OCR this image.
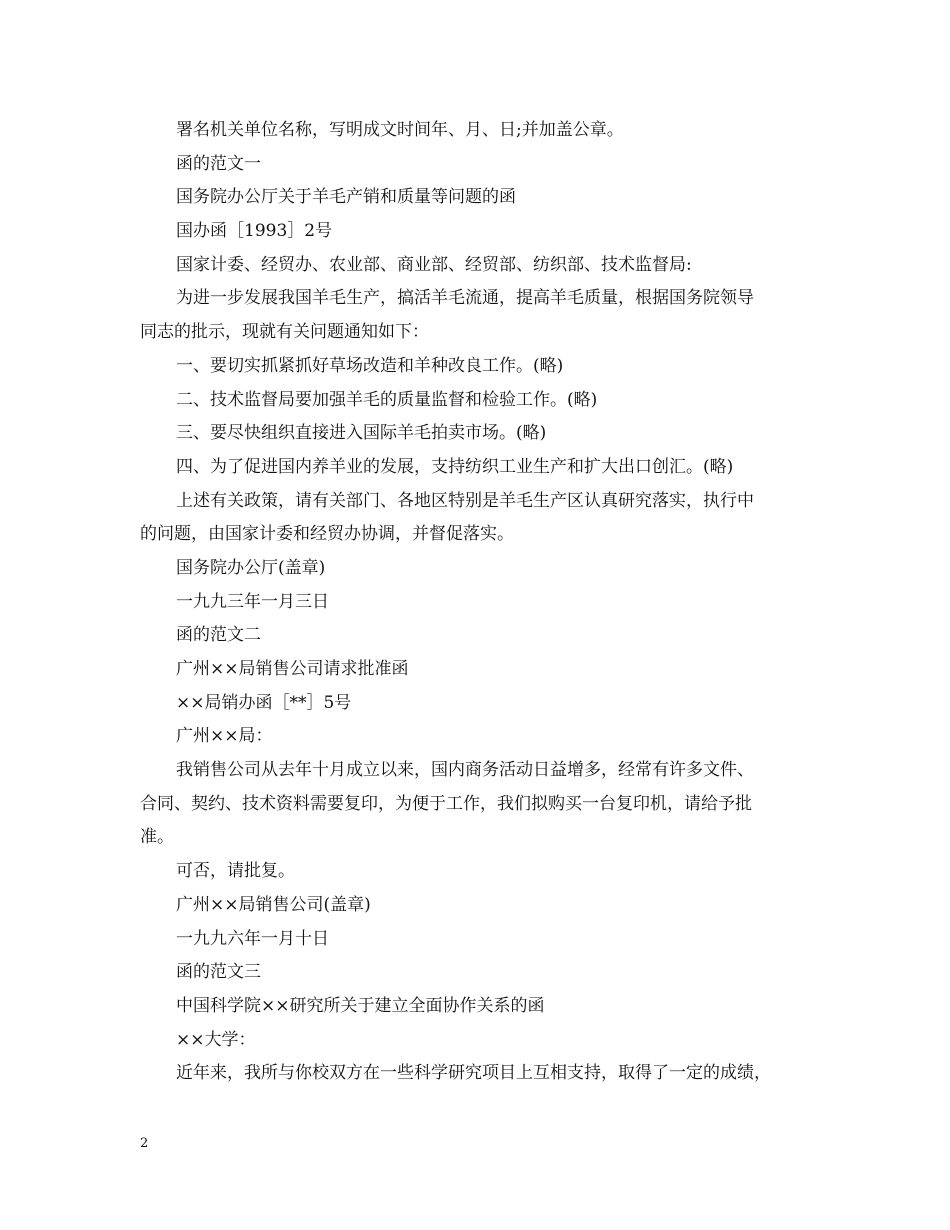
署名机关单位名称，写明成文时间年、月、日;并加盖公章。
函的范文一
国务院办公厅关于羊毛产销和质量等问题的函
国办函［1993］2号
国家计委、经贸办、农业部、商业部、经贸部、纺织部、技术监督局:
为进一步发展我国羊毛生产，搞活羊毛流通，提高羊毛质量，根据国务院领导
同志的批示，现就有关问题通知如下：
一、要切实抓紧抓好草场改造和羊种改良工作。(略)
二、技术监督局要加强羊毛的质量监督和检验工作。(略)
三、要尽快组织直接进入国际羊毛拍卖市场。(略)
四、为了促进国内养羊业的发展，支持纺织工业生产和扩大出口创汇。(略)
上述有关政策，请有关部门、各地区特别是羊毛生产区认真研究落实，执行中
的问题，由国家计委和经贸办协调，并督促落实。
国务院办公厅(盖章)
一九九三年一月三日
函的范文二
广州××局销售公司请求批准函
××局销办函［**］5号
广州××局：
我销售公司从去年十月成立以来，国内商务活动日益增多，经常有许多文件、
合同、契约、技术资料需要复印，为便于工作，我们拟购买一台复印机，请给予批
准。
可否，请批复。
广州××局销售公司(盖章)
一九九六年一月十日
函的范文三
中国科学院××研究所关于建立全面协作关系的函
××大学：
近年来，我所与你校双方在一些科学研究项目上互相支持，取得了一定的成绩，
2
